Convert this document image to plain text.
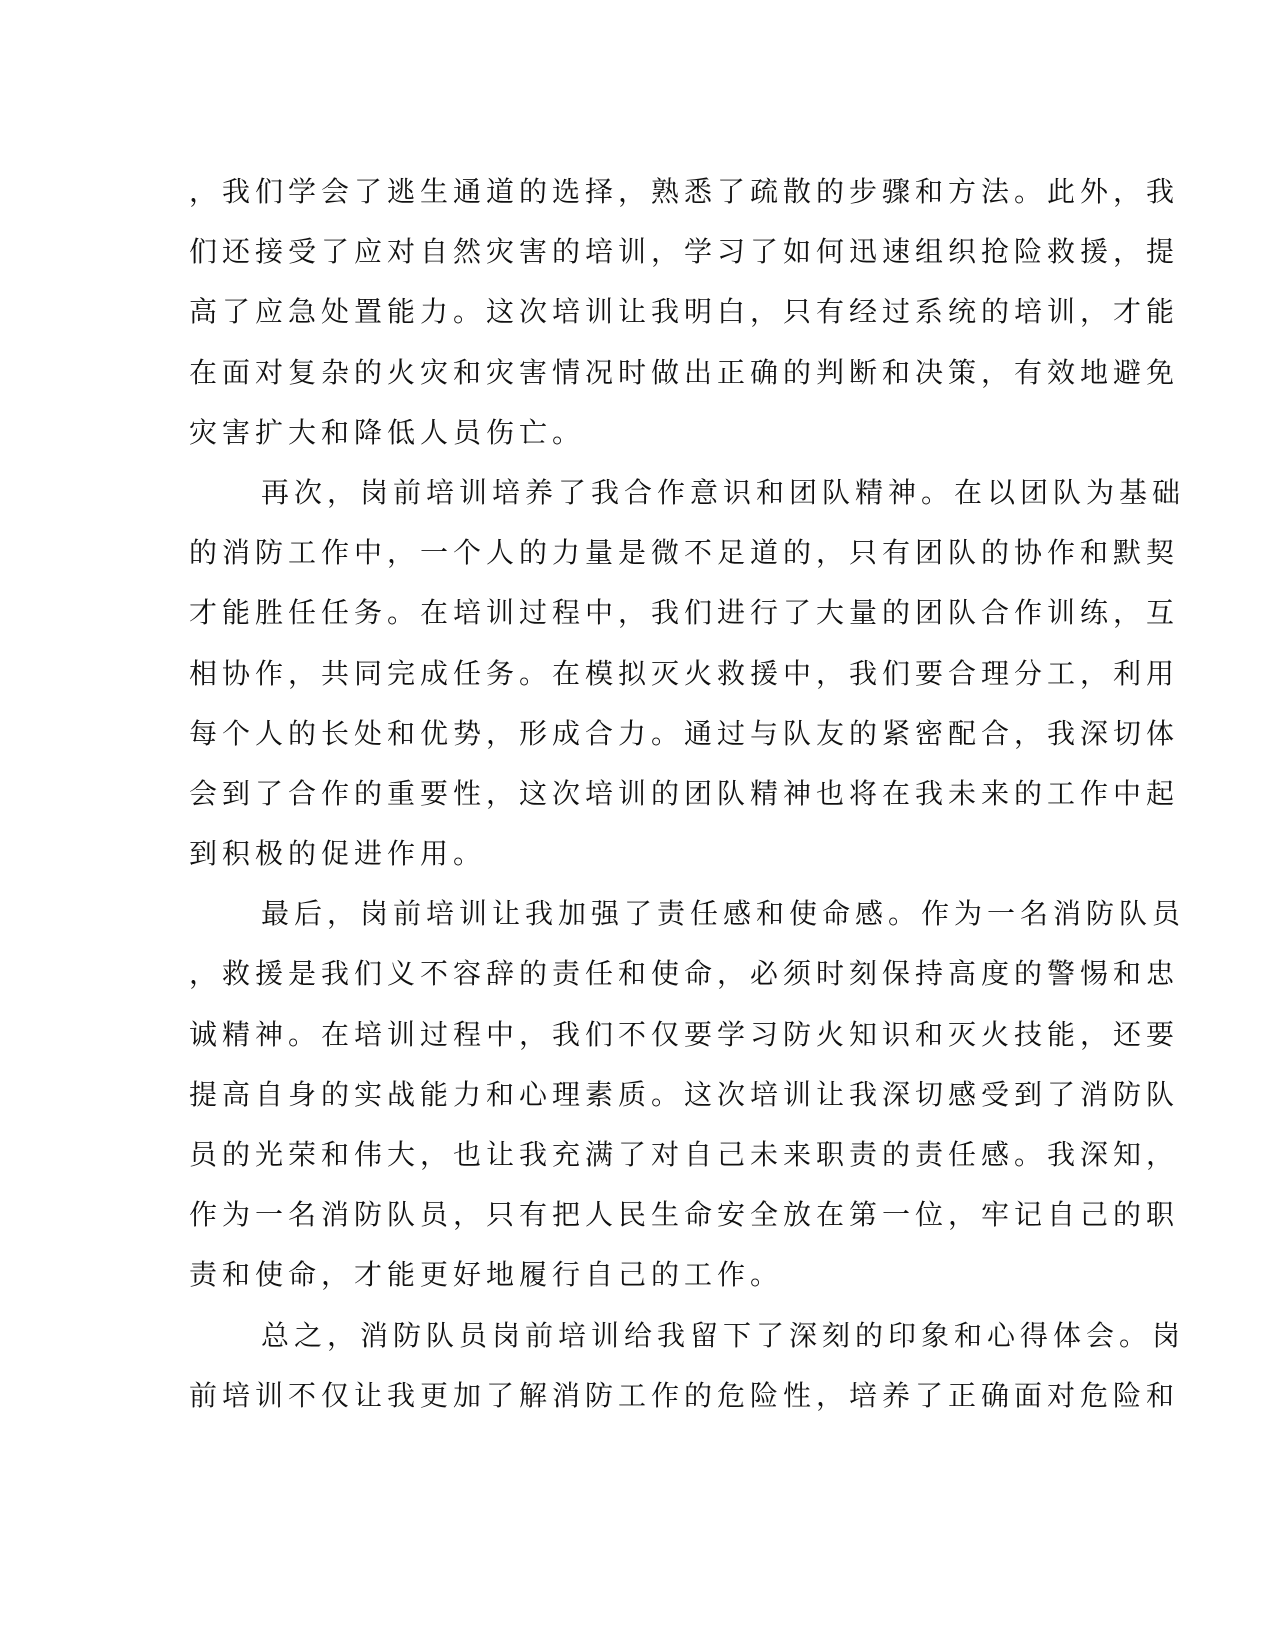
，我们学会了逃生通道的选择，熟悉了疏散的步骤和方法。此外，我
们还接受了应对自然灾害的培训，学习了如何迅速组织抢险救援，提
高了应急处置能力。这次培训让我明白，只有经过系统的培训，才能
在面对复杂的火灾和灾害情况时做出正确的判断和决策，有效地避免
灾害扩大和降低人员伤亡。
再次，岗前培训培养了我合作意识和团队精神。在以团队为基础
的消防工作中，一个人的力量是微不足道的，只有团队的协作和默契
才能胜任任务。在培训过程中，我们进行了大量的团队合作训练，互
相协作，共同完成任务。在模拟灭火救援中，我们要合理分工，利用
每个人的长处和优势，形成合力。通过与队友的紧密配合，我深切体
会到了合作的重要性，这次培训的团队精神也将在我未来的工作中起
到积极的促进作用。
最后，岗前培训让我加强了责任感和使命感。作为一名消防队员
，救援是我们义不容辞的责任和使命，必须时刻保持高度的警惕和忠
诚精神。在培训过程中，我们不仅要学习防火知识和灭火技能，还要
提高自身的实战能力和心理素质。这次培训让我深切感受到了消防队
员的光荣和伟大，也让我充满了对自己未来职责的责任感。我深知，
作为一名消防队员，只有把人民生命安全放在第一位，牢记自己的职
责和使命，才能更好地履行自己的工作。
总之，消防队员岗前培训给我留下了深刻的印象和心得体会。岗
前培训不仅让我更加了解消防工作的危险性，培养了正确面对危险和
